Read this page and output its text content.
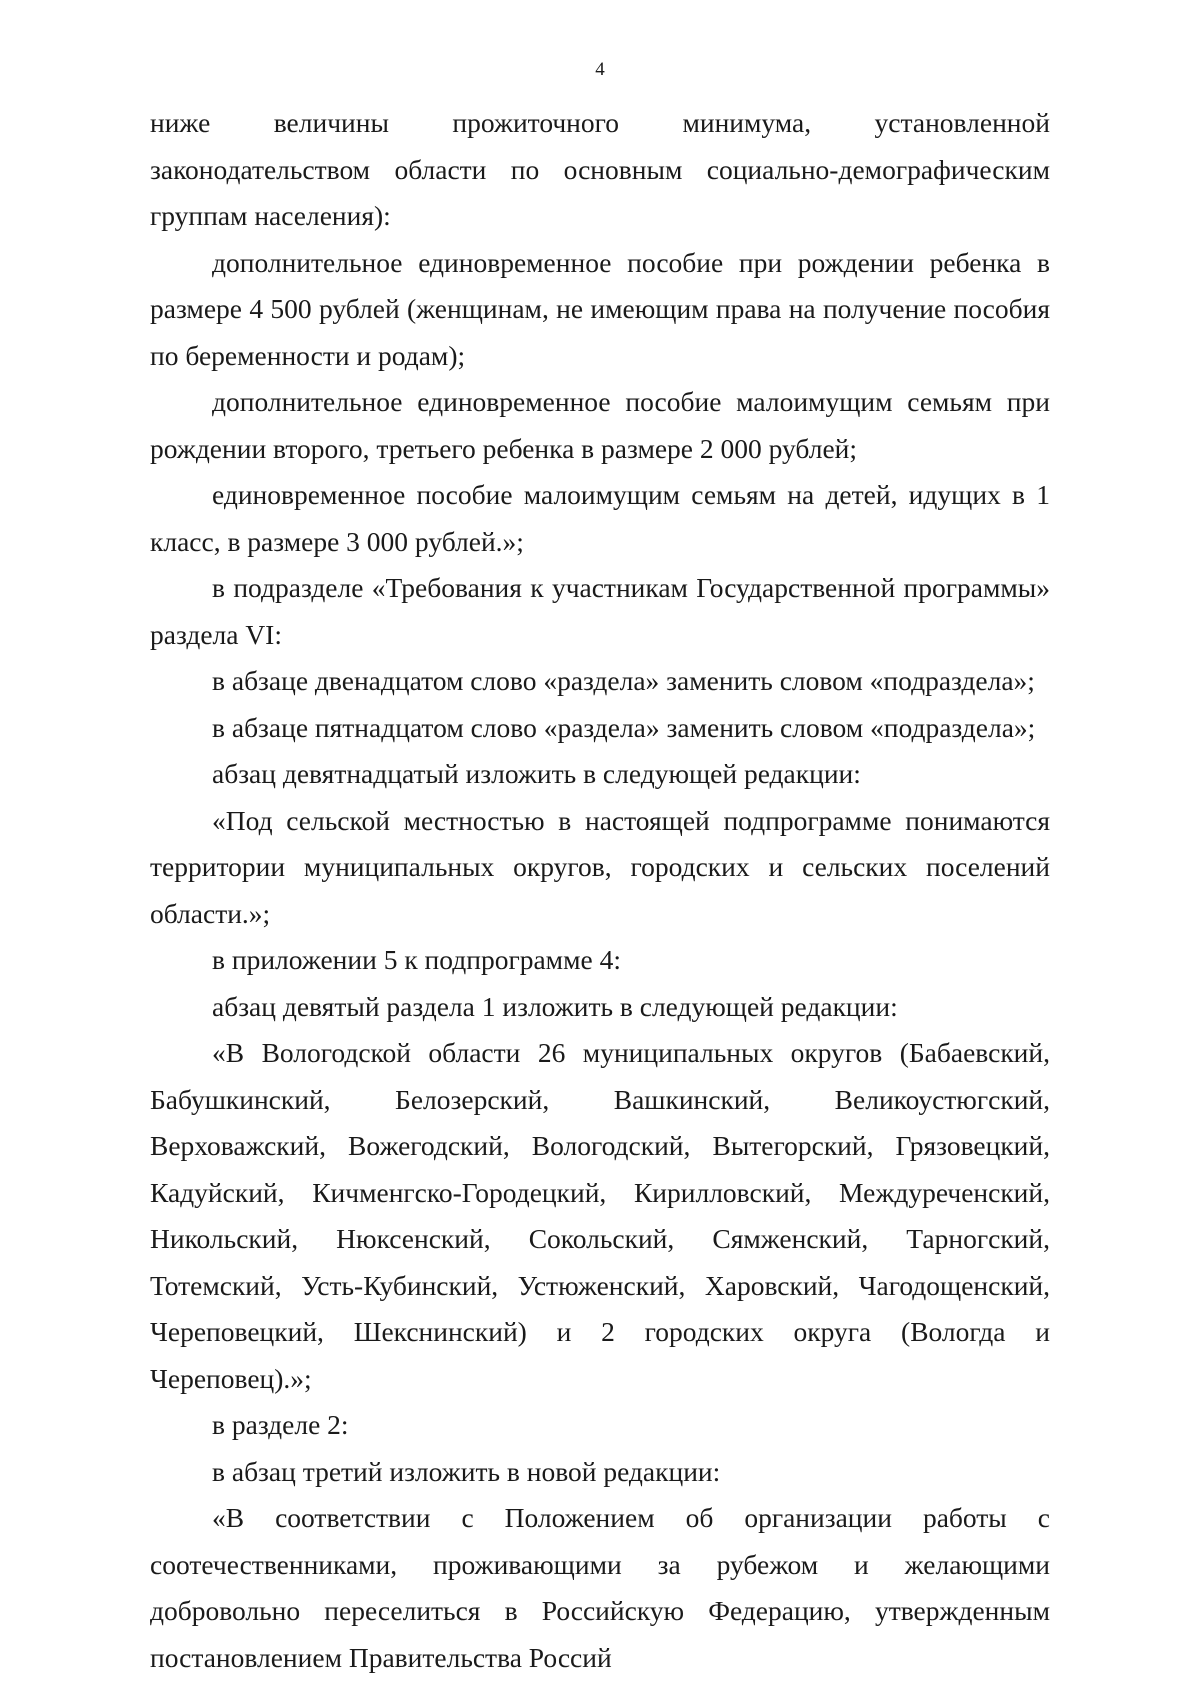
4

ниже величины прожиточного минимума, установленной законодательством области по основным социально-демографическим группам населения):

дополнительное единовременное пособие при рождении ребенка в размере 4 500 рублей (женщинам, не имеющим права на получение пособия по беременности и родам);

дополнительное единовременное пособие малоимущим семьям при рождении второго, третьего ребенка в размере 2 000 рублей;

единовременное пособие малоимущим семьям на детей, идущих в 1 класс, в размере 3 000 рублей.»;

в подразделе «Требования к участникам Государственной программы» раздела VI:

в абзаце двенадцатом слово «раздела» заменить словом «подраздела»;

в абзаце пятнадцатом слово «раздела» заменить словом «подраздела»;

абзац девятнадцатый изложить в следующей редакции:

«Под сельской местностью в настоящей подпрограмме понимаются территории муниципальных округов, городских и сельских поселений области.»;

в приложении 5 к подпрограмме 4:

абзац девятый раздела 1 изложить в следующей редакции:

«В Вологодской области 26 муниципальных округов (Бабаевский, Бабушкинский, Белозерский, Вашкинский, Великоустюгский, Верховажский, Вожегодский, Вологодский, Вытегорский, Грязовецкий, Кадуйский, Кичменгско-Городецкий, Кирилловский, Междуреченский, Никольский, Нюксенский, Сокольский, Сямженский, Тарногский, Тотемский, Усть-Кубинский, Устюженский, Харовский, Чагодощенский, Череповецкий, Шекснинский) и 2 городских округа (Вологда и Череповец).»;

в разделе 2:

в абзац третий изложить в новой редакции:

«В соответствии с Положением об организации работы с соотечественниками, проживающими за рубежом и желающими добровольно переселиться в Российскую Федерацию, утвержденным постановлением Правительства Россий
